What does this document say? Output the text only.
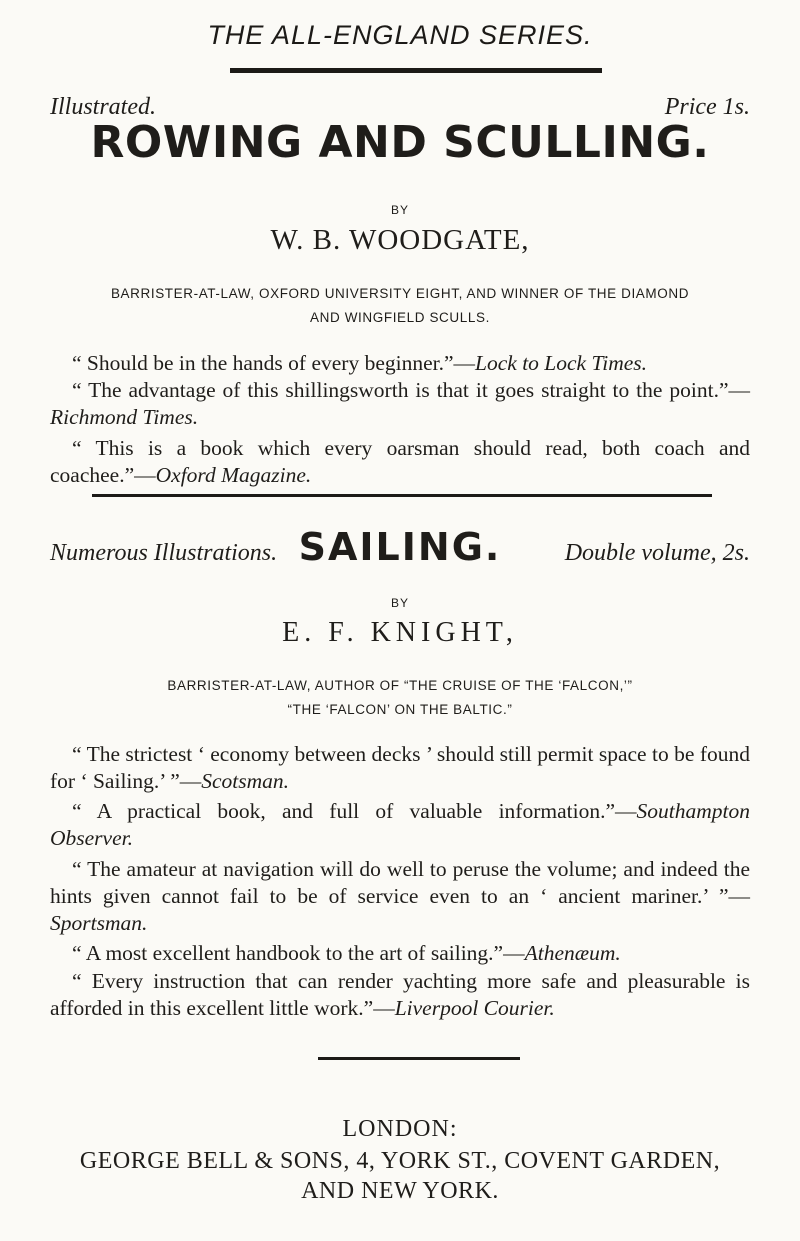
THE ALL-ENGLAND SERIES.
Illustrated.	Price 1s.
ROWING AND SCULLING.
BY
W. B. WOODGATE,
BARRISTER-AT-LAW, OXFORD UNIVERSITY EIGHT, AND WINNER OF THE DIAMOND
AND WINGFIELD SCULLS.
“ Should be in the hands of every beginner.”—Lock to Lock Times.
“ The advantage of this shillingsworth is that it goes straight to the point.”—Richmond Times.
“ This is a book which every oarsman should read, both coach and coachee.”—Oxford Magazine.
SAILING.
Numerous Illustrations.	Double volume, 2s.
BY
E. F. KNIGHT,
BARRISTER-AT-LAW, AUTHOR OF “THE CRUISE OF THE ‘FALCON,’”
“THE ‘FALCON’ ON THE BALTIC.”
“ The strictest ‘ economy between decks ’ should still permit space to be found for ‘ Sailing.’ ”—Scotsman.
“ A practical book, and full of valuable information.”—Southampton Observer.
“ The amateur at navigation will do well to peruse the volume; and indeed the hints given cannot fail to be of service even to an ‘ ancient mariner.’ ”—Sportsman.
“ A most excellent handbook to the art of sailing.”—Athenæum.
“ Every instruction that can render yachting more safe and pleasurable is afforded in this excellent little work.”—Liverpool Courier.
LONDON:
GEORGE BELL & SONS, 4, YORK ST., COVENT GARDEN,
AND NEW YORK.
